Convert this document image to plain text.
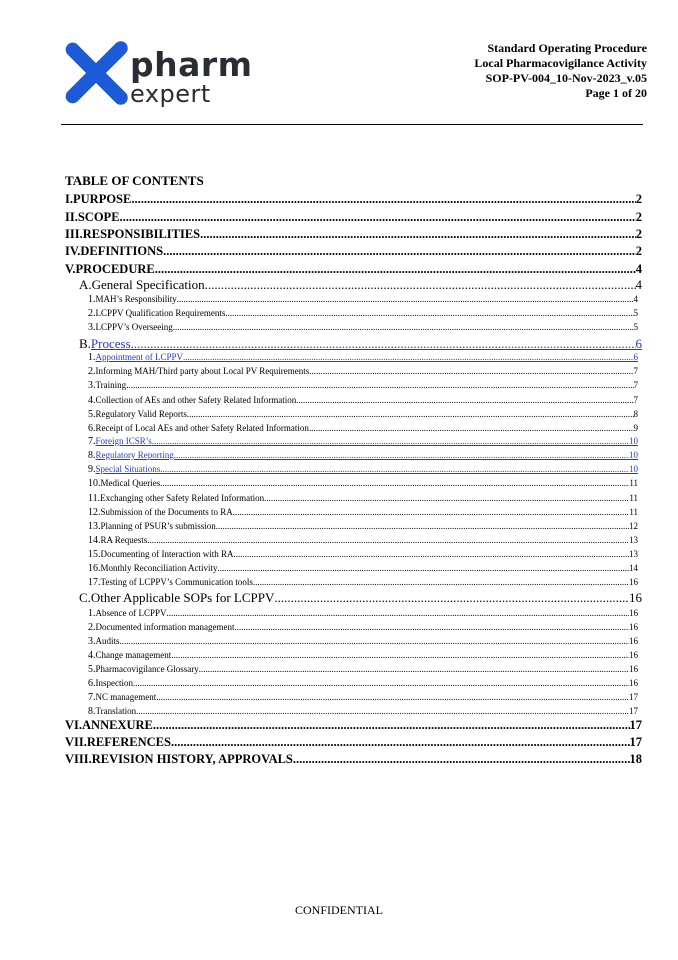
pharm
expert
Standard Operating Procedure
Local Pharmacovigilance Activity
SOP-PV-004_10-Nov-2023_v.05
Page 1 of 20
TABLE OF CONTENTS
I. PURPOSE .....	2
II. SCOPE .....	2
III. RESPONSIBILITIES .....	2
IV. DEFINITIONS .....	2
V. PROCEDURE .....	4
A. General Specification .....	4
1. MAH’s Responsibility .....	4
2. LCPPV Qualification Requirements .....	5
3. LCPPV’s Overseeing .....	5
B. Process .....	6
1. Appointment of LCPPV .....	6
2. Informing MAH/Third party about Local PV Requirements .....	7
3. Training .....	7
4. Collection of AEs and other Safety Related Information .....	7
5. Regulatory Valid Reports .....	8
6. Receipt of Local AEs and other Safety Related Information .....	9
7. Foreign ICSR’s .....	10
8. Regulatory Reporting .....	10
9. Special Situations .....	10
10. Medical Queries .....	11
11. Exchanging other Safety Related Information .....	11
12. Submission of the Documents to RA .....	11
13. Planning of PSUR’s submission .....	12
14. RA Requests .....	13
15. Documenting of Interaction with RA .....	13
16. Monthly Reconciliation Activity .....	14
17. Testing of LCPPV’s Communication tools .....	16
C. Other Applicable SOPs for LCPPV .....	16
1. Absence of LCPPV .....	16
2. Documented information management .....	16
3. Audits .....	16
4. Change management .....	16
5. Pharmacovigilance Glossary .....	16
6. Inspection .....	16
7. NC management .....	17
8. Translation .....	17
VI. ANNEXURE .....	17
VII. REFERENCES .....	17
VIII. REVISION HISTORY, APPROVALS .....	18
CONFIDENTIAL
